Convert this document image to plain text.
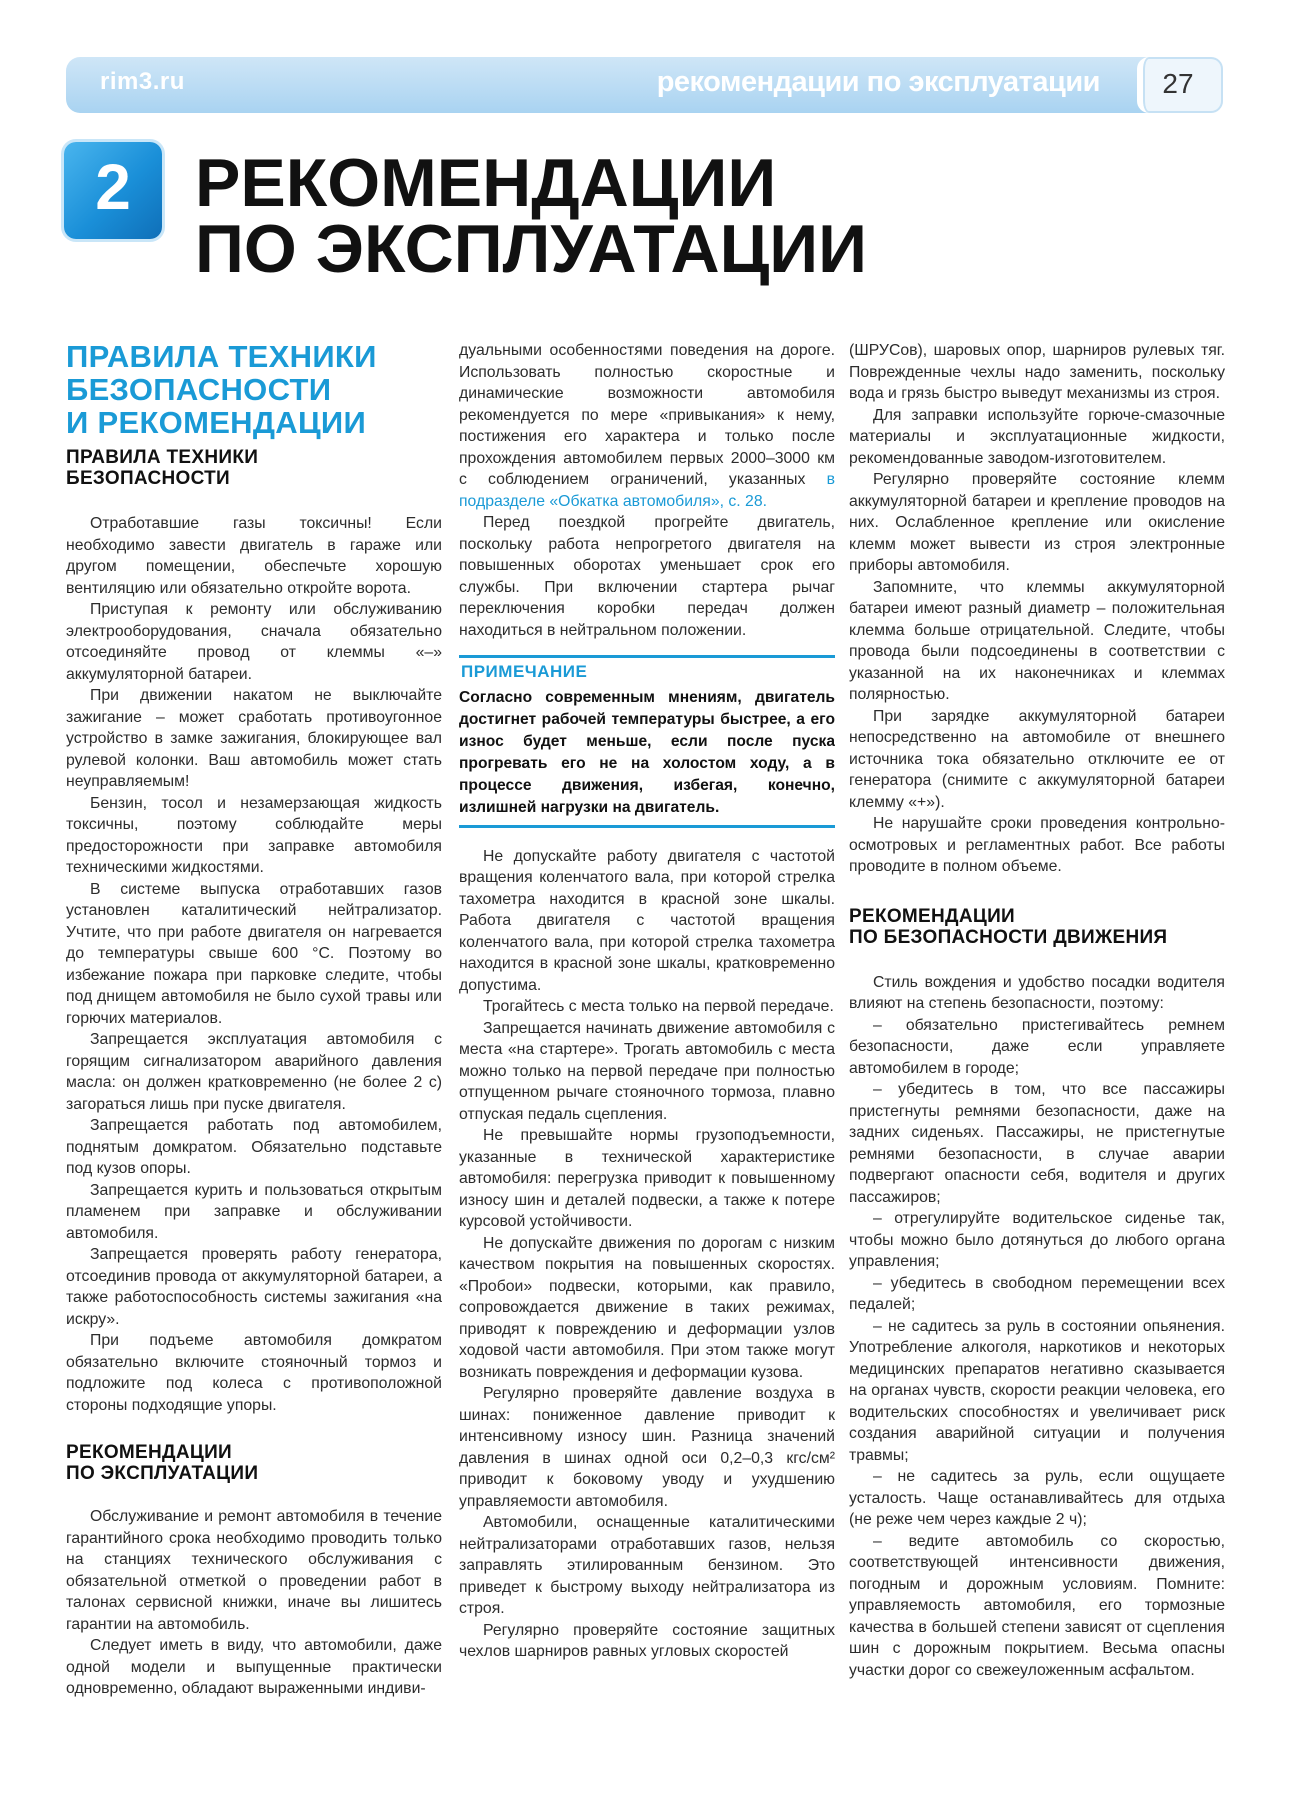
rim3.ru	рекомендации по эксплуатации	27
2 РЕКОМЕНДАЦИИ
ПО ЭКСПЛУАТАЦИИ
ПРАВИЛА ТЕХНИКИ
БЕЗОПАСНОСТИ
И РЕКОМЕНДАЦИИ
ПРАВИЛА ТЕХНИКИ
БЕЗОПАСНОСТИ

Отработавшие газы токсичны! Если необходимо завести двигатель в гараже или другом помещении, обеспечьте хорошую вентиляцию или обязательно откройте ворота.

Приступая к ремонту или обслуживанию электрооборудования, сначала обязательно отсоединяйте провод от клеммы «–» аккумуляторной батареи.

При движении накатом не выключайте зажигание – может сработать противоугонное устройство в замке зажигания, блокирующее вал рулевой колонки. Ваш автомобиль может стать неуправляемым!

Бензин, тосол и незамерзающая жидкость токсичны, поэтому соблюдайте меры предосторожности при заправке автомобиля техническими жидкостями.

В системе выпуска отработавших газов установлен каталитический нейтрализатор. Учтите, что при работе двигателя он нагревается до температуры свыше 600 °С. Поэтому во избежание пожара при парковке следите, чтобы под днищем автомобиля не было сухой травы или горючих материалов.

Запрещается эксплуатация автомобиля с горящим сигнализатором аварийного давления масла: он должен кратковременно (не более 2 с) загораться лишь при пуске двигателя.

Запрещается работать под автомобилем, поднятым домкратом. Обязательно подставьте под кузов опоры.

Запрещается курить и пользоваться открытым пламенем при заправке и обслуживании автомобиля.

Запрещается проверять работу генератора, отсоединив провода от аккумуляторной батареи, а также работоспособность системы зажигания «на искру».

При подъеме автомобиля домкратом обязательно включите стояночный тормоз и подложите под колеса с противоположной стороны подходящие упоры.

РЕКОМЕНДАЦИИ
ПО ЭКСПЛУАТАЦИИ

Обслуживание и ремонт автомобиля в течение гарантийного срока необходимо проводить только на станциях технического обслуживания с обязательной отметкой о проведении работ в талонах сервисной книжки, иначе вы лишитесь гарантии на автомобиль.

Следует иметь в виду, что автомобили, даже одной модели и выпущенные практически одновременно, обладают выраженными индиви-

дуальными особенностями поведения на дороге. Использовать полностью скоростные и динамические возможности автомобиля рекомендуется по мере «привыкания» к нему, постижения его характера и только после прохождения автомобилем первых 2000–3000 км с соблюдением ограничений, указанных в подразделе «Обкатка автомобиля», с. 28.

Перед поездкой прогрейте двигатель, поскольку работа непрогретого двигателя на повышенных оборотах уменьшает срок его службы. При включении стартера рычаг переключения коробки передач должен находиться в нейтральном положении.

ПРИМЕЧАНИЕ
Согласно современным мнениям, двигатель достигнет рабочей температуры быстрее, а его износ будет меньше, если после пуска прогревать его не на холостом ходу, а в процессе движения, избегая, конечно, излишней нагрузки на двигатель.

Не допускайте работу двигателя с частотой вращения коленчатого вала, при которой стрелка тахометра находится в красной зоне шкалы. Работа двигателя с частотой вращения коленчатого вала, при которой стрелка тахометра находится в красной зоне шкалы, кратковременно допустима.

Трогайтесь с места только на первой передаче.

Запрещается начинать движение автомобиля с места «на стартере». Трогать автомобиль с места можно только на первой передаче при полностью отпущенном рычаге стояночного тормоза, плавно отпуская педаль сцепления.

Не превышайте нормы грузоподъемности, указанные в технической характеристике автомобиля: перегрузка приводит к повышенному износу шин и деталей подвески, а также к потере курсовой устойчивости.

Не допускайте движения по дорогам с низким качеством покрытия на повышенных скоростях. «Пробои» подвески, которыми, как правило, сопровождается движение в таких режимах, приводят к повреждению и деформации узлов ходовой части автомобиля. При этом также могут возникать повреждения и деформации кузова.

Регулярно проверяйте давление воздуха в шинах: пониженное давление приводит к интенсивному износу шин. Разница значений давления в шинах одной оси 0,2–0,3 кгс/см² приводит к боковому уводу и ухудшению управляемости автомобиля.

Автомобили, оснащенные каталитическими нейтрализаторами отработавших газов, нельзя заправлять этилированным бензином. Это приведет к быстрому выходу нейтрализатора из строя.

Регулярно проверяйте состояние защитных чехлов шарниров равных угловых скоростей

(ШРУСов), шаровых опор, шарниров рулевых тяг. Поврежденные чехлы надо заменить, поскольку вода и грязь быстро выведут механизмы из строя.

Для заправки используйте горюче-смазочные материалы и эксплуатационные жидкости, рекомендованные заводом-изготовителем.

Регулярно проверяйте состояние клемм аккумуляторной батареи и крепление проводов на них. Ослабленное крепление или окисление клемм может вывести из строя электронные приборы автомобиля.

Запомните, что клеммы аккумуляторной батареи имеют разный диаметр – положительная клемма больше отрицательной. Следите, чтобы провода были подсоединены в соответствии с указанной на их наконечниках и клеммах полярностью.

При зарядке аккумуляторной батареи непосредственно на автомобиле от внешнего источника тока обязательно отключите ее от генератора (снимите с аккумуляторной батареи клемму «+»).

Не нарушайте сроки проведения контрольно-осмотровых и регламентных работ. Все работы проводите в полном объеме.

РЕКОМЕНДАЦИИ
ПО БЕЗОПАСНОСТИ ДВИЖЕНИЯ

Стиль вождения и удобство посадки водителя влияют на степень безопасности, поэтому:

– обязательно пристегивайтесь ремнем безопасности, даже если управляете автомобилем в городе;

– убедитесь в том, что все пассажиры пристегнуты ремнями безопасности, даже на задних сиденьях. Пассажиры, не пристегнутые ремнями безопасности, в случае аварии подвергают опасности себя, водителя и других пассажиров;

– отрегулируйте водительское сиденье так, чтобы можно было дотянуться до любого органа управления;

– убедитесь в свободном перемещении всех педалей;

– не садитесь за руль в состоянии опьянения. Употребление алкоголя, наркотиков и некоторых медицинских препаратов негативно сказывается на органах чувств, скорости реакции человека, его водительских способностях и увеличивает риск создания аварийной ситуации и получения травмы;

– не садитесь за руль, если ощущаете усталость. Чаще останавливайтесь для отдыха (не реже чем через каждые 2 ч);

– ведите автомобиль со скоростью, соответствующей интенсивности движения, погодным и дорожным условиям. Помните: управляемость автомобиля, его тормозные качества в большей степени зависят от сцепления шин с дорожным покрытием. Весьма опасны участки дорог со свежеуложенным асфальтом.
